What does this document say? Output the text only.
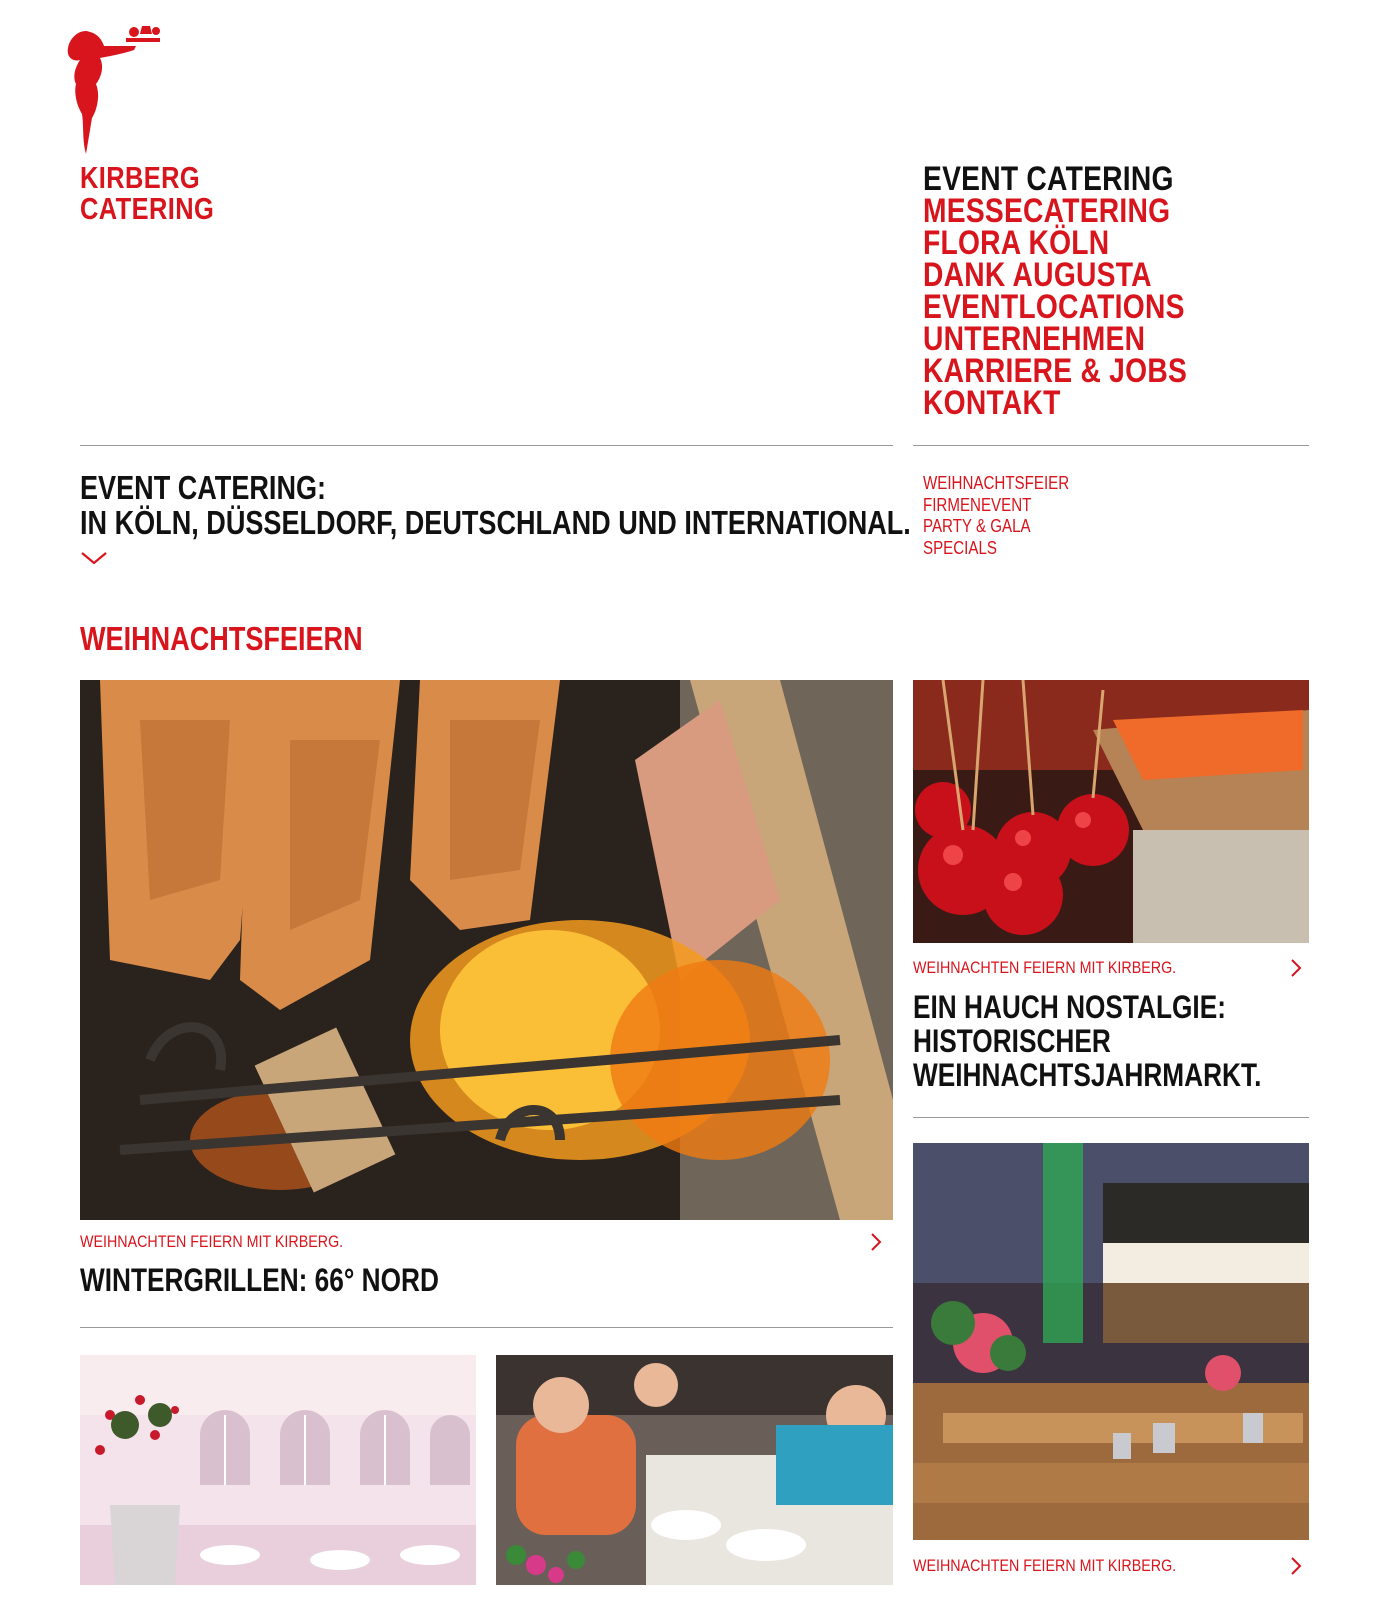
KIRBERG
CATERING
EVENT CATERING
MESSECATERING
FLORA KÖLN
DANK AUGUSTA
EVENTLOCATIONS
UNTERNEHMEN
KARRIERE & JOBS
KONTAKT
EVENT CATERING:
IN KÖLN, DÜSSELDORF, DEUTSCHLAND UND INTERNATIONAL.
WEIHNACHTSFEIER
FIRMENEVENT
PARTY & GALA
SPECIALS
WEIHNACHTSFEIERN
WEIHNACHTEN FEIERN MIT KIRBERG.
WINTERGRILLEN: 66° NORD
WEIHNACHTEN FEIERN MIT KIRBERG.
EIN HAUCH NOSTALGIE:
HISTORISCHER
WEIHNACHTSJAHRMARKT.
WEIHNACHTEN FEIERN MIT KIRBERG.
